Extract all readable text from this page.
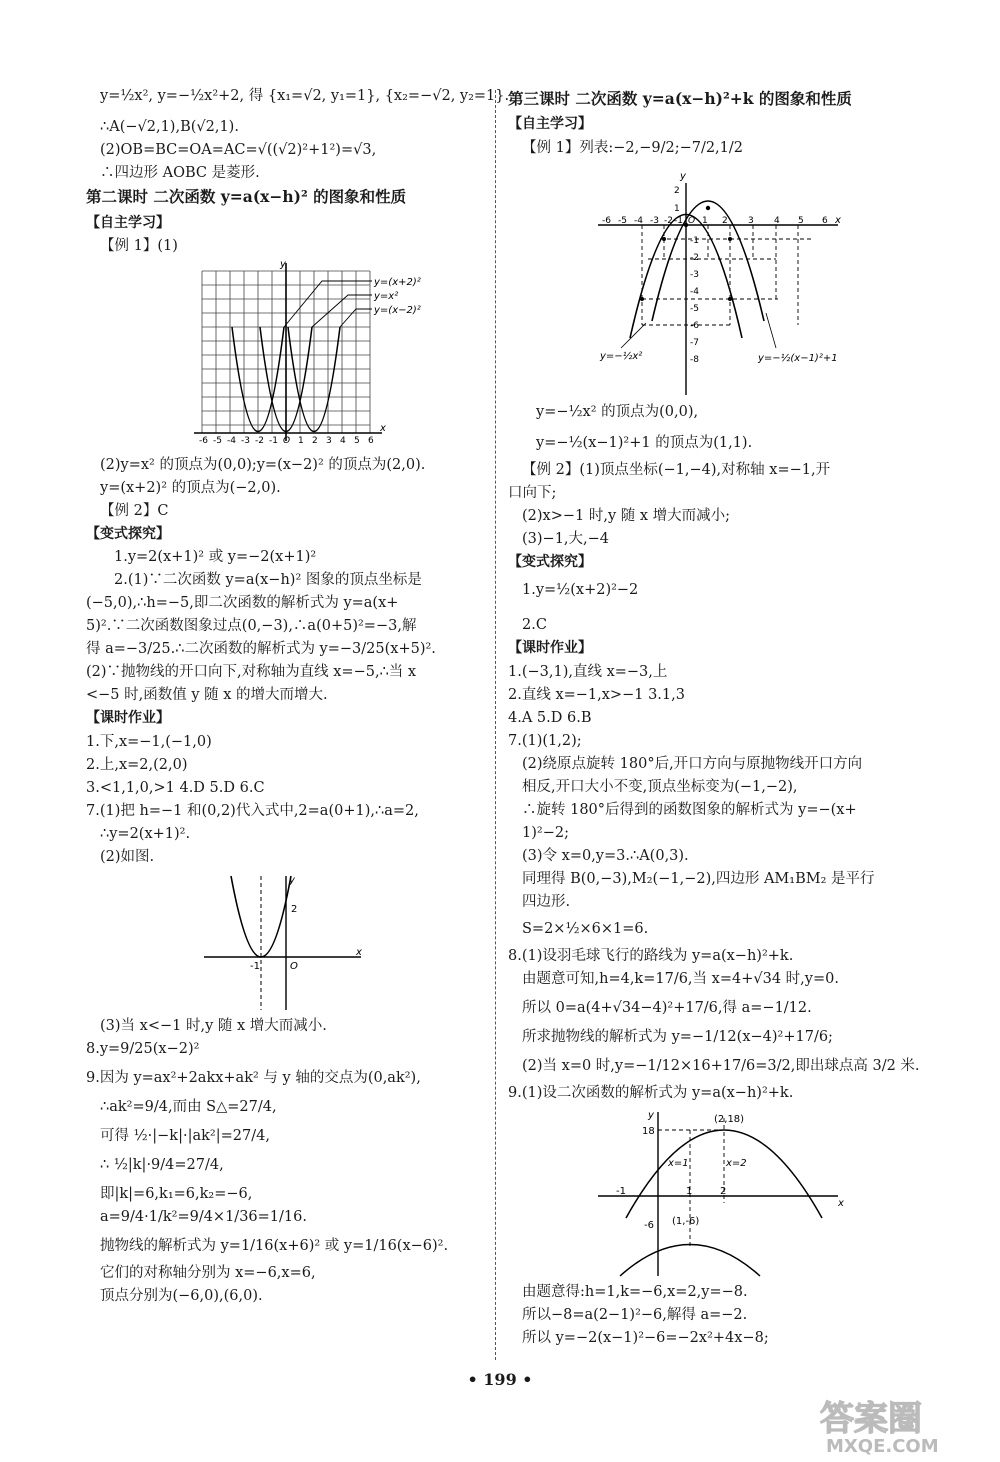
y=½x², y=−½x²+2, 得 {x₁=√2, y₁=1}, {x₂=−√2, y₂=1}.
∴A(−√2,1),B(√2,1).
(2)OB=BC=OA=AC=√((√2)²+1²)=√3,
∴四边形 AOBC 是菱形.
第二课时 二次函数 y=a(x−h)² 的图象和性质
【自主学习】
【例 1】(1)
y
x
-6 -5 -4 -3 -2 -1 O 1 2 3 4 5 6
y=(x+2)²
y=x²
y=(x−2)²
(2)y=x² 的顶点为(0,0);y=(x−2)² 的顶点为(2,0).
y=(x+2)² 的顶点为(−2,0).
【例 2】C
【变式探究】
1.y=2(x+1)² 或 y=−2(x+1)²
2.(1)∵二次函数 y=a(x−h)² 图象的顶点坐标是
(−5,0),∴h=−5,即二次函数的解析式为 y=a(x+
5)².∵二次函数图象过点(0,−3),∴a(0+5)²=−3,解
得 a=−3/25.∴二次函数的解析式为 y=−3/25(x+5)².
(2)∵抛物线的开口向下,对称轴为直线 x=−5,∴当 x
<−5 时,函数值 y 随 x 的增大而增大.
【课时作业】
1.下,x=−1,(−1,0)
2.上,x=2,(2,0)
3.<1,1,0,>1 4.D 5.D 6.C
7.(1)把 h=−1 和(0,2)代入式中,2=a(0+1),∴a=2,
∴y=2(x+1)².
(2)如图.
-1	O
2
x
y
(3)当 x<−1 时,y 随 x 增大而减小.
8.y=9/25(x−2)²
9.因为 y=ax²+2akx+ak² 与 y 轴的交点为(0,ak²),
∴ak²=9/4,而由 S△=27/4,
可得 ½·|−k|·|ak²|=27/4,
∴ ½|k|·9/4=27/4,
即|k|=6,k₁=6,k₂=−6,
a=9/4·1/k²=9/4×1/36=1/16.
抛物线的解析式为 y=1/16(x+6)² 或 y=1/16(x−6)².
它们的对称轴分别为 x=−6,x=6,
顶点分别为(−6,0),(6,0).
第三课时 二次函数 y=a(x−h)²+k 的图象和性质
【自主学习】
【例 1】列表:−2,−9/2;−7/2,1/2
y
x
-6 -5 -4 -3 -2 -1 O 1 2 3 4 5 6
2
1
-1
-2
-3
-4
-5
-6
-7
-8
y=−½x²	y=−½(x−1)²+1
y=−½x² 的顶点为(0,0),
y=−½(x−1)²+1 的顶点为(1,1).
【例 2】(1)顶点坐标(−1,−4),对称轴 x=−1,开
口向下;
(2)x>−1 时,y 随 x 增大而减小;
(3)−1,大,−4
【变式探究】
1.y=½(x+2)²−2
2.C
【课时作业】
1.(−3,1),直线 x=−3,上
2.直线 x=−1,x>−1 3.1,3
4.A 5.D 6.B
7.(1)(1,2);
(2)绕原点旋转 180°后,开口方向与原抛物线开口方向
相反,开口大小不变,顶点坐标变为(−1,−2),
∴旋转 180°后得到的函数图象的解析式为 y=−(x+
1)²−2;
(3)令 x=0,y=3.∴A(0,3).
同理得 B(0,−3),M₂(−1,−2),四边形 AM₁BM₂ 是平行
四边形.
S=2×½×6×1=6.
8.(1)设羽毛球飞行的路线为 y=a(x−h)²+k.
由题意可知,h=4,k=17/6,当 x=4+√34 时,y=0.
所以 0=a(4+√34−4)²+17/6,得 a=−1/12.
所求抛物线的解析式为 y=−1/12(x−4)²+17/6;
(2)当 x=0 时,y=−1/12×16+17/6=3/2,即出球点高 3/2 米.
9.(1)设二次函数的解析式为 y=a(x−h)²+k.
(2,18)
18
x=1	x=2
-1	1	2
-6 (1,-6)
x
y
由题意得:h=1,k=−6,x=2,y=−8.
所以−8=a(2−1)²−6,解得 a=−2.
所以 y=−2(x−1)²−6=−2x²+4x−8;
• 199 •
答案圈
MXQE.COM
